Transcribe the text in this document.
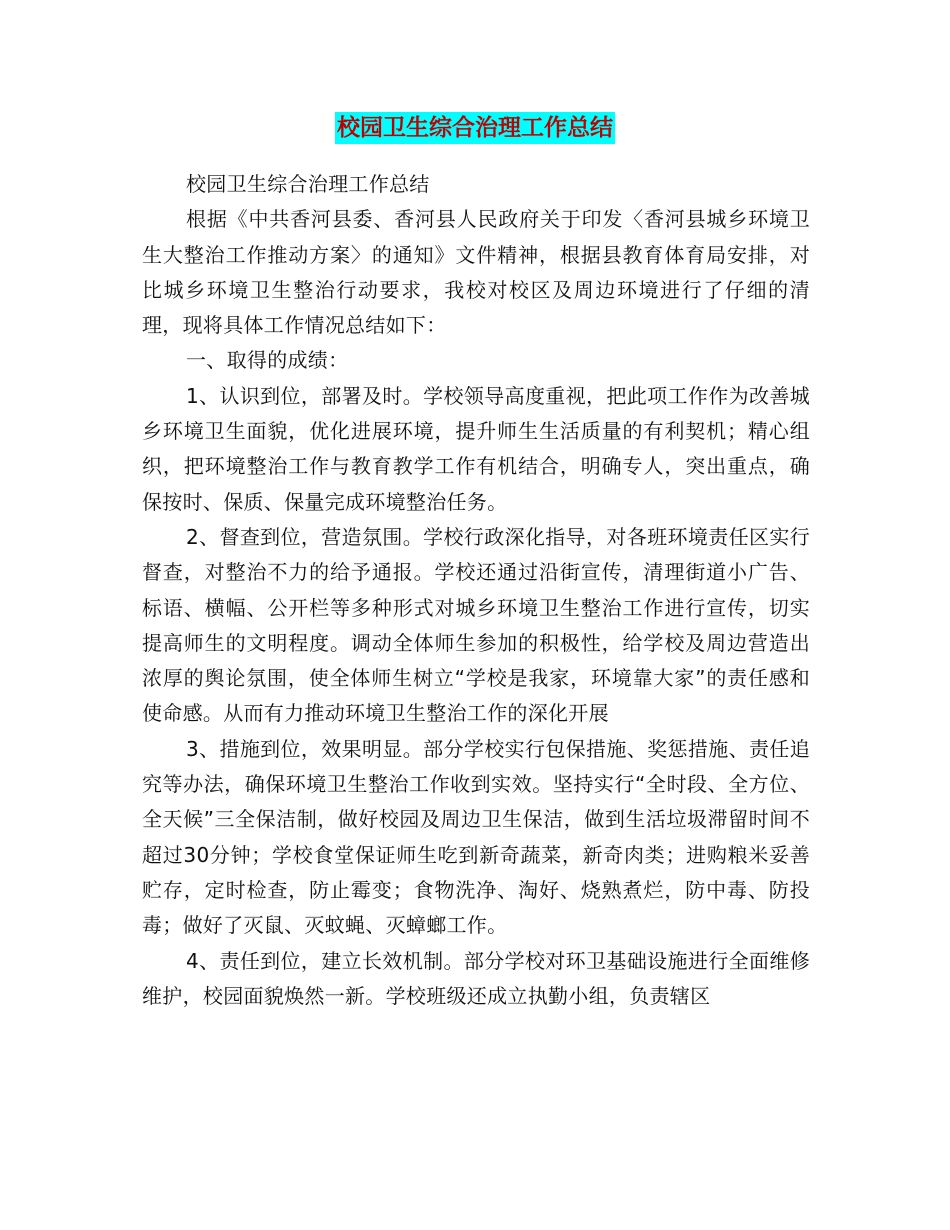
校园卫生综合治理工作总结

校园卫生综合治理工作总结

根据《中共香河县委、香河县人民政府关于印发〈香河县城乡环境卫生大整治工作推动方案〉的通知》文件精神，根据县教育体育局安排，对比城乡环境卫生整治行动要求，我校对校区及周边环境进行了仔细的清理，现将具体工作情况总结如下：

一、取得的成绩：

1、认识到位，部署及时。学校领导高度重视，把此项工作作为改善城乡环境卫生面貌，优化进展环境，提升师生生活质量的有利契机；精心组织，把环境整治工作与教育教学工作有机结合，明确专人，突出重点，确保按时、保质、保量完成环境整治任务。

2、督查到位，营造氛围。学校行政深化指导，对各班环境责任区实行督查，对整治不力的给予通报。学校还通过沿街宣传，清理街道小广告、标语、横幅、公开栏等多种形式对城乡环境卫生整治工作进行宣传，切实提高师生的文明程度。调动全体师生参加的积极性，给学校及周边营造出浓厚的舆论氛围，使全体师生树立“学校是我家，环境靠大家”的责任感和使命感。从而有力推动环境卫生整治工作的深化开展

3、措施到位，效果明显。部分学校实行包保措施、奖惩措施、责任追究等办法，确保环境卫生整治工作收到实效。坚持实行“全时段、全方位、全天候”三全保洁制，做好校园及周边卫生保洁，做到生活垃圾滞留时间不超过30分钟；学校食堂保证师生吃到新奇蔬菜，新奇肉类；进购粮米妥善贮存，定时检查，防止霉变；食物洗净、淘好、烧熟煮烂，防中毒、防投毒；做好了灭鼠、灭蚊蝇、灭蟑螂工作。

4、责任到位，建立长效机制。部分学校对环卫基础设施进行全面维修维护，校园面貌焕然一新。学校班级还成立执勤小组，负责辖区
